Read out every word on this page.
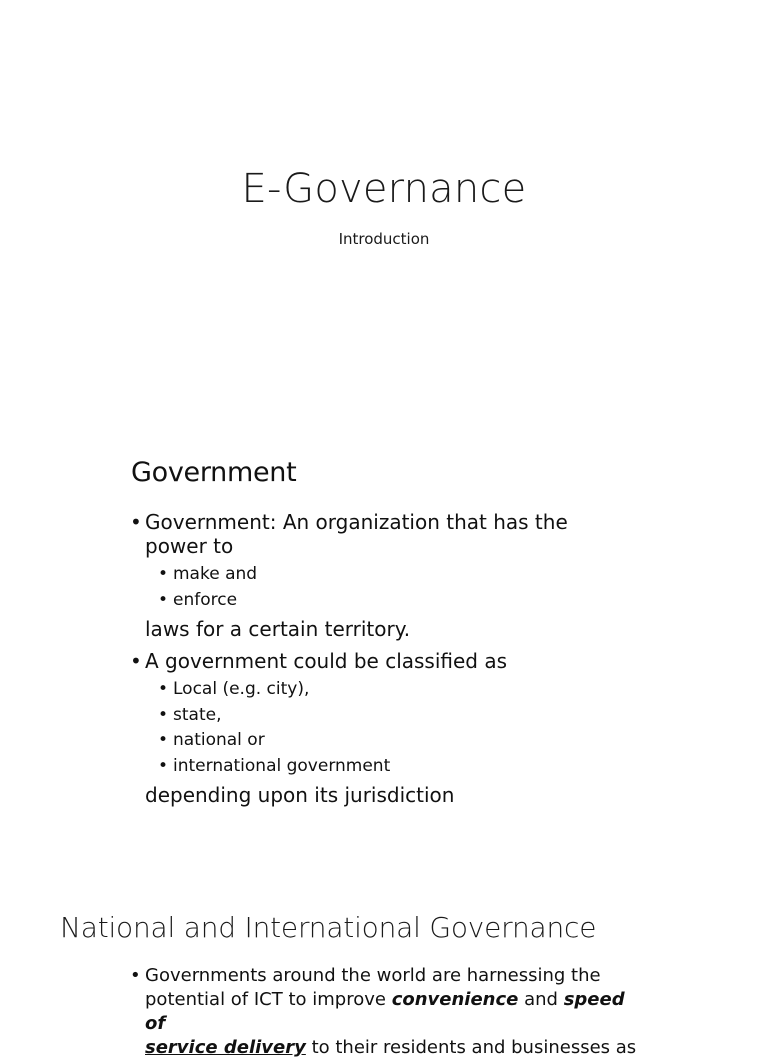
E-Governance
Introduction
Government
• Government: An organization that has the power to
• make and
• enforce
laws for a certain territory.
• A government could be classified as
• Local (e.g. city),
• state,
• national or
• international government
depending upon its jurisdiction
National and International Governance
• Governments around the world are harnessing the
potential of ICT to improve convenience and speed of
service delivery to their residents and businesses as
